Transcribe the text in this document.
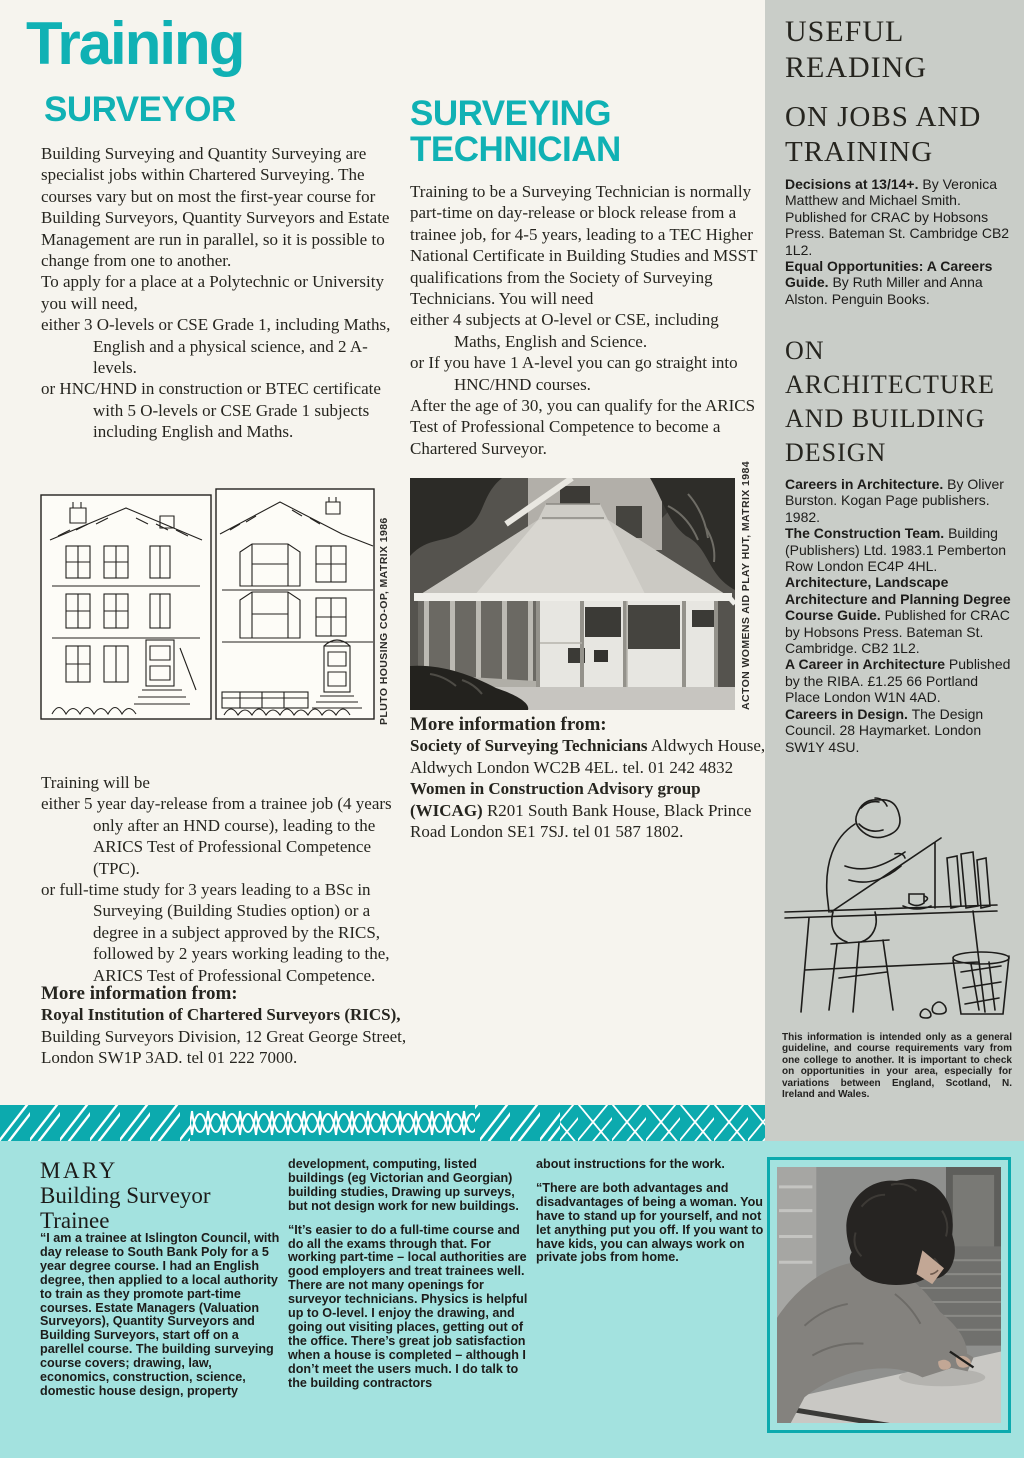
Training
SURVEYOR

Building Surveying and Quantity Surveying are specialist jobs within Chartered Surveying. The courses vary but on most the first-year course for Building Surveyors, Quantity Surveyors and Estate Management are run in parallel, so it is possible to change from one to another.

To apply for a place at a Polytechnic or University you will need,

either 3 O-levels or CSE Grade 1, including Maths, English and a physical science, and 2 A-levels.

or HNC/HND in construction or BTEC certificate with 5 O-levels or CSE Grade 1 subjects including English and Maths.

PLUTO HOUSING CO-OP, MATRIX 1986

Training will be

either 5 year day-release from a trainee job (4 years only after an HND course), leading to the ARICS Test of Professional Competence (TPC).

or full-time study for 3 years leading to a BSc in Surveying (Building Studies option) or a degree in a subject approved by the RICS, followed by 2 years working leading to the, ARICS Test of Professional Competence.

More information from:

Royal Institution of Chartered Surveyors (RICS), Building Surveyors Division, 12 Great George Street, London SW1P 3AD. tel 01 222 7000.

SURVEYING TECHNICIAN

Training to be a Surveying Technician is normally part-time on day-release or block release from a trainee job, for 4-5 years, leading to a TEC Higher National Certificate in Building Studies and MSST qualifications from the Society of Surveying Technicians. You will need

either 4 subjects at O-level or CSE, including Maths, English and Science.

or If you have 1 A-level you can go straight into HNC/HND courses.

After the age of 30, you can qualify for the ARICS Test of Professional Competence to become a Chartered Surveyor.

ACTON WOMENS AID PLAY HUT, MATRIX 1984

More information from:

Society of Surveying Technicians Aldwych House, Aldwych London WC2B 4EL. tel. 01 242 4832

Women in Construction Advisory group (WICAG) R201 South Bank House, Black Prince Road London SE1 7SJ. tel 01 587 1802.

USEFUL READING
ON JOBS AND TRAINING

Decisions at 13/14+. By Veronica Matthew and Michael Smith. Published for CRAC by Hobsons Press. Bateman St. Cambridge CB2 1L2.

Equal Opportunities: A Careers Guide. By Ruth Miller and Anna Alston. Penguin Books.

ON ARCHITECTURE AND BUILDING DESIGN

Careers in Architecture. By Oliver Burston. Kogan Page publishers. 1982.

The Construction Team. Building (Publishers) Ltd. 1983.1 Pemberton Row London EC4P 4HL.

Architecture, Landscape Architecture and Planning Degree Course Guide. Published for CRAC by Hobsons Press. Bateman St. Cambridge. CB2 1L2.

A Career in Architecture Published by the RIBA. £1.25 66 Portland Place London W1N 4AD.

Careers in Design. The Design Council. 28 Haymarket. London SW1Y 4SU.

This information is intended only as a general guideline, and course requirements vary from one college to another. It is important to check on opportunities in your area, especially for variations between England, Scotland, N. Ireland and Wales.

MARY
Building Surveyor
Trainee

“I am a trainee at Islington Council, with day release to South Bank Poly for a 5 year degree course. I had an English degree, then applied to a local authority to train as they promote part-time courses. Estate Managers (Valuation Surveyors), Quantity Surveyors and Building Surveyors, start off on a parellel course. The building surveying course covers; drawing, law, economics, construction, science, domestic house design, property

development, computing, listed buildings (eg Victorian and Georgian) building studies, Drawing up surveys, but not design work for new buildings.

“It’s easier to do a full-time course and do all the exams through that. For working part-time – local authorities are good employers and treat trainees well. There are not many openings for surveyor technicians. Physics is helpful up to O-level. I enjoy the drawing, and going out visiting places, getting out of the office. There’s great job satisfaction when a house is completed – although I don’t meet the users much. I do talk to the building contractors

about instructions for the work.

“There are both advantages and disadvantages of being a woman. You have to stand up for yourself, and not let anything put you off. If you want to have kids, you can always work on private jobs from home.
